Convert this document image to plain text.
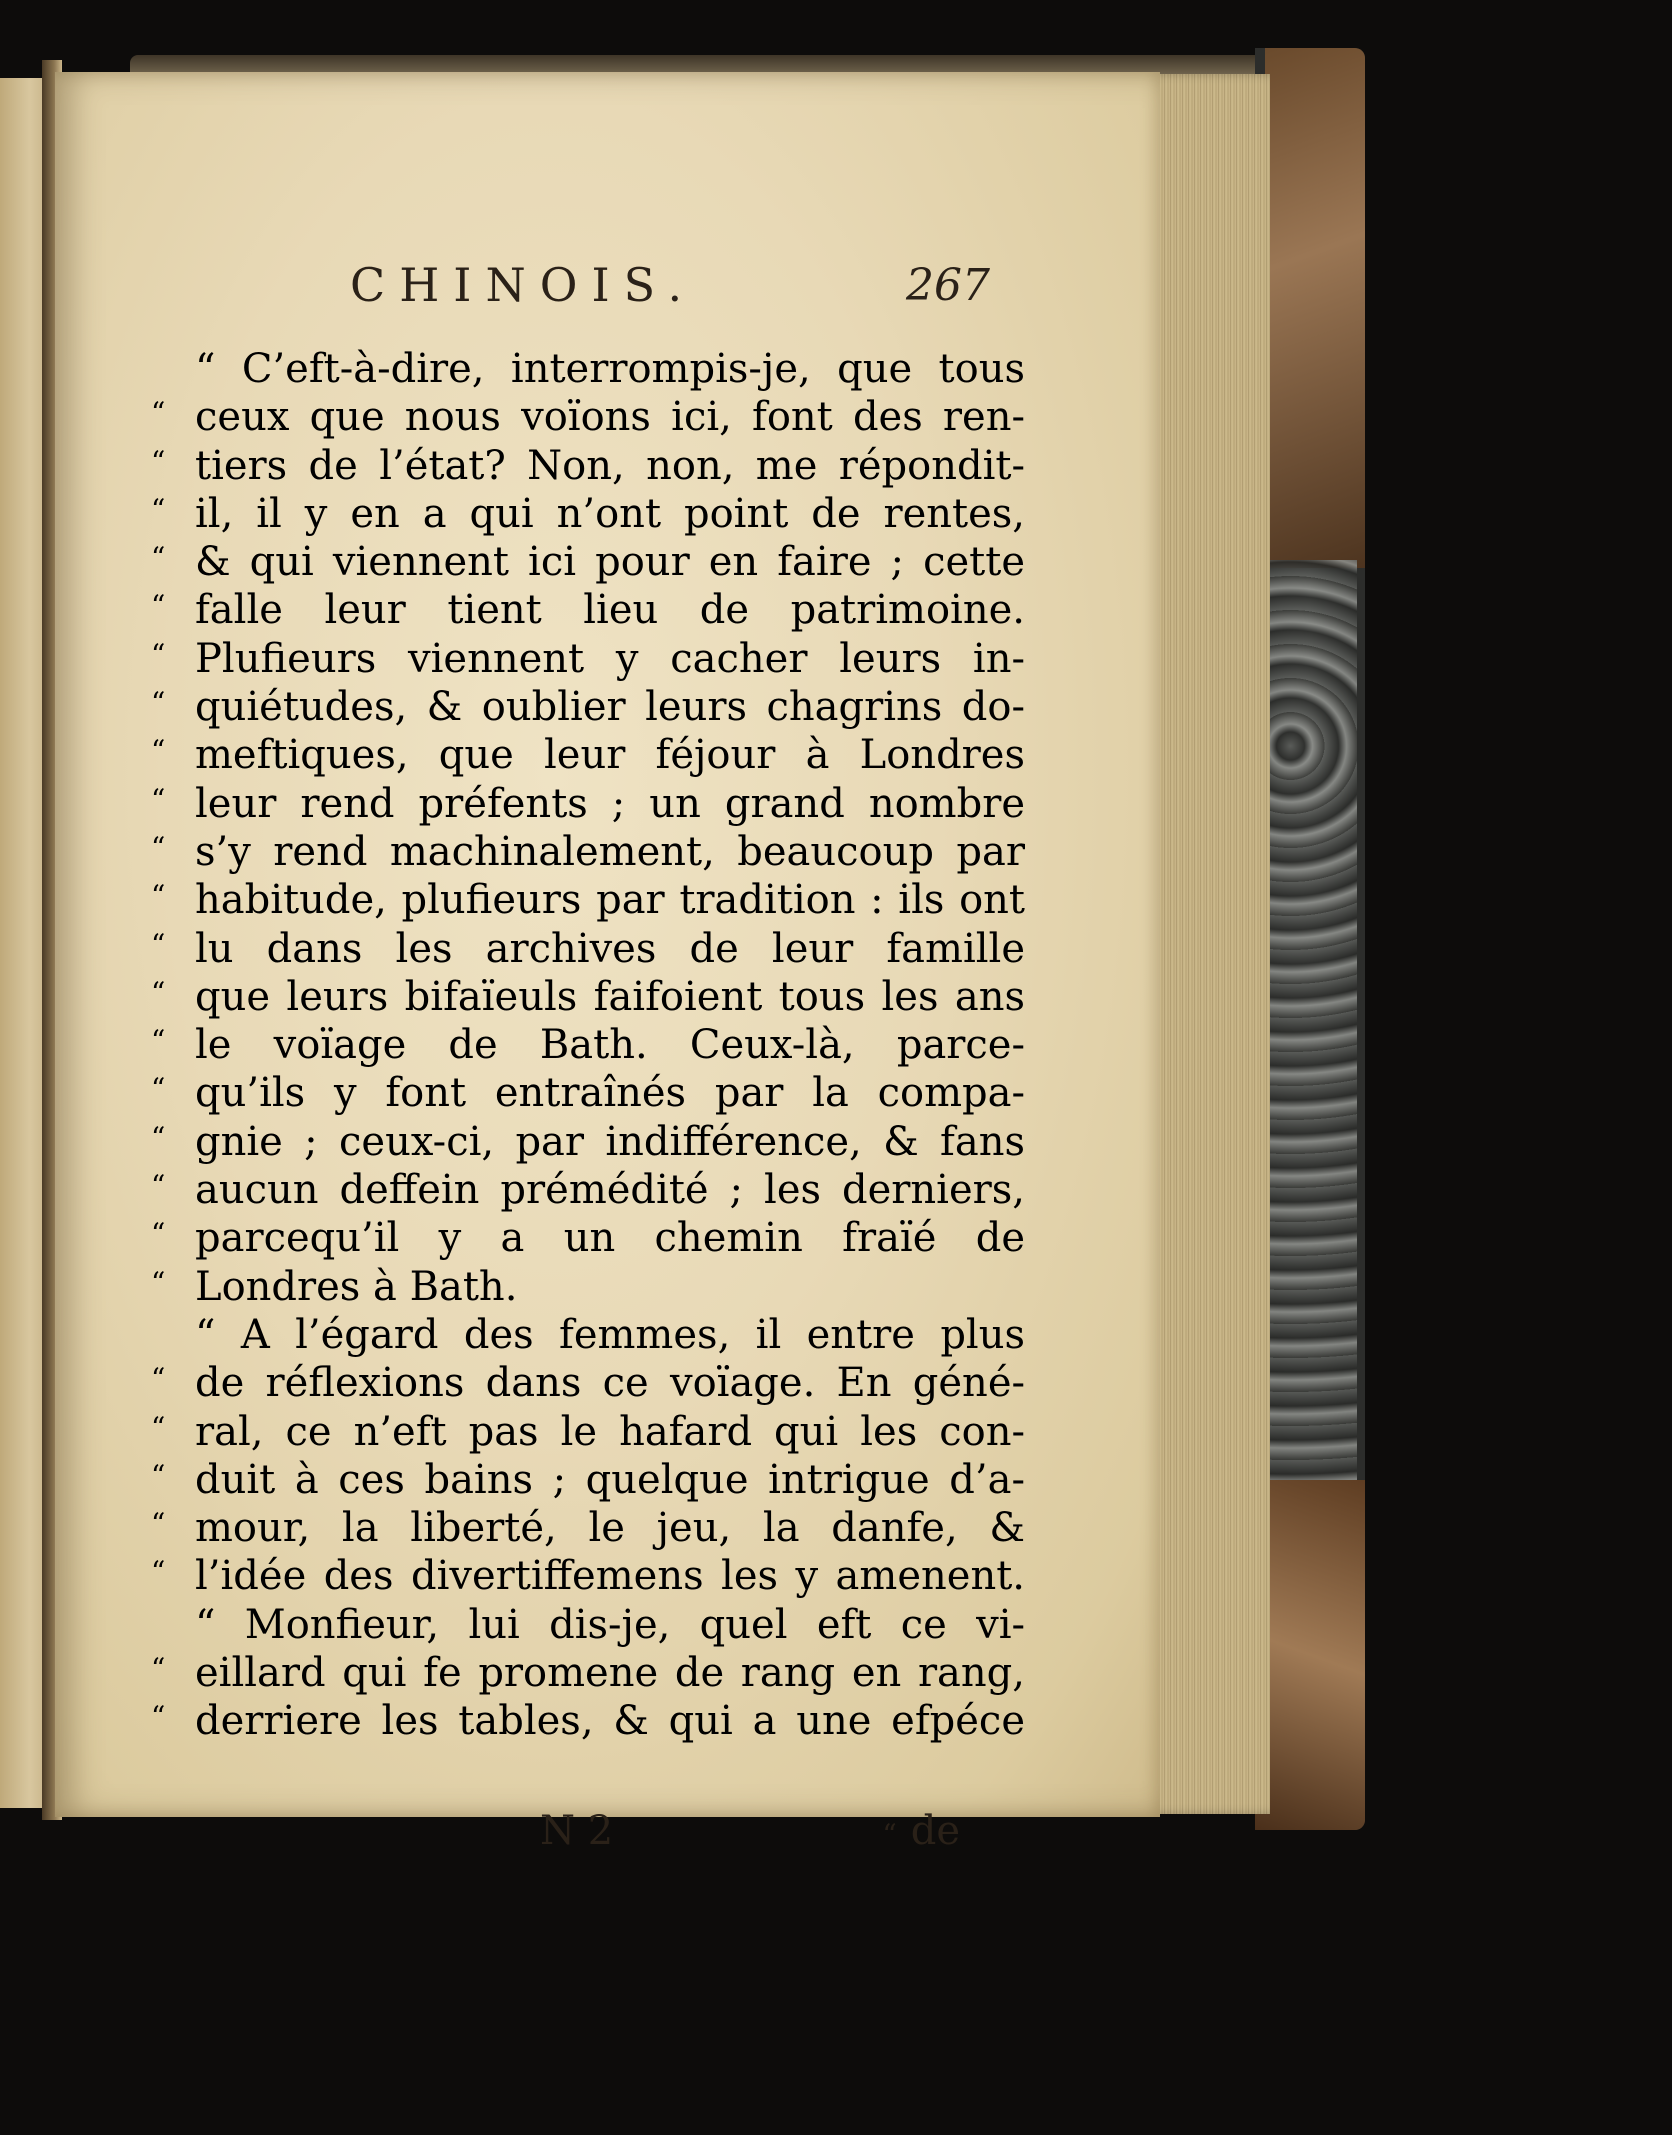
CHINOIS.	267
“ C’eft-à-dire, interrompis-je, que tous
“ ceux que nous voïons ici, font des ren-
“ tiers de l’état? Non, non, me répondit-
“ il, il y en a qui n’ont point de rentes,
“ & qui viennent ici pour en faire ; cette
“ falle leur tient lieu de patrimoine.
“ Plufieurs viennent y cacher leurs in-
“ quiétudes, & oublier leurs chagrins do-
“ meftiques, que leur féjour à Londres
“ leur rend préfents ; un grand nombre
“ s’y rend machinalement, beaucoup par
“ habitude, plufieurs par tradition : ils ont
“ lu dans les archives de leur famille
“ que leurs bifaïeuls faifoient tous les ans
“ le voïage de Bath. Ceux-là, parce-
“ qu’ils y font entraînés par la compa-
“ gnie ; ceux-ci, par indifférence, & fans
“ aucun deffein prémédité ; les derniers,
“ parcequ’il y a un chemin fraïé de
“ Londres à Bath.
“ A l’égard des femmes, il entre plus
“ de réflexions dans ce voïage. En géné-
“ ral, ce n’eft pas le hafard qui les con-
“ duit à ces bains ; quelque intrigue d’a-
“ mour, la liberté, le jeu, la danfe, &
“ l’idée des divertiffemens les y amenent.
“ Monfieur, lui dis-je, quel eft ce vi-
“ eillard qui fe promene de rang en rang,
“ derriere les tables, & qui a une efpéce
N 2	“ de
